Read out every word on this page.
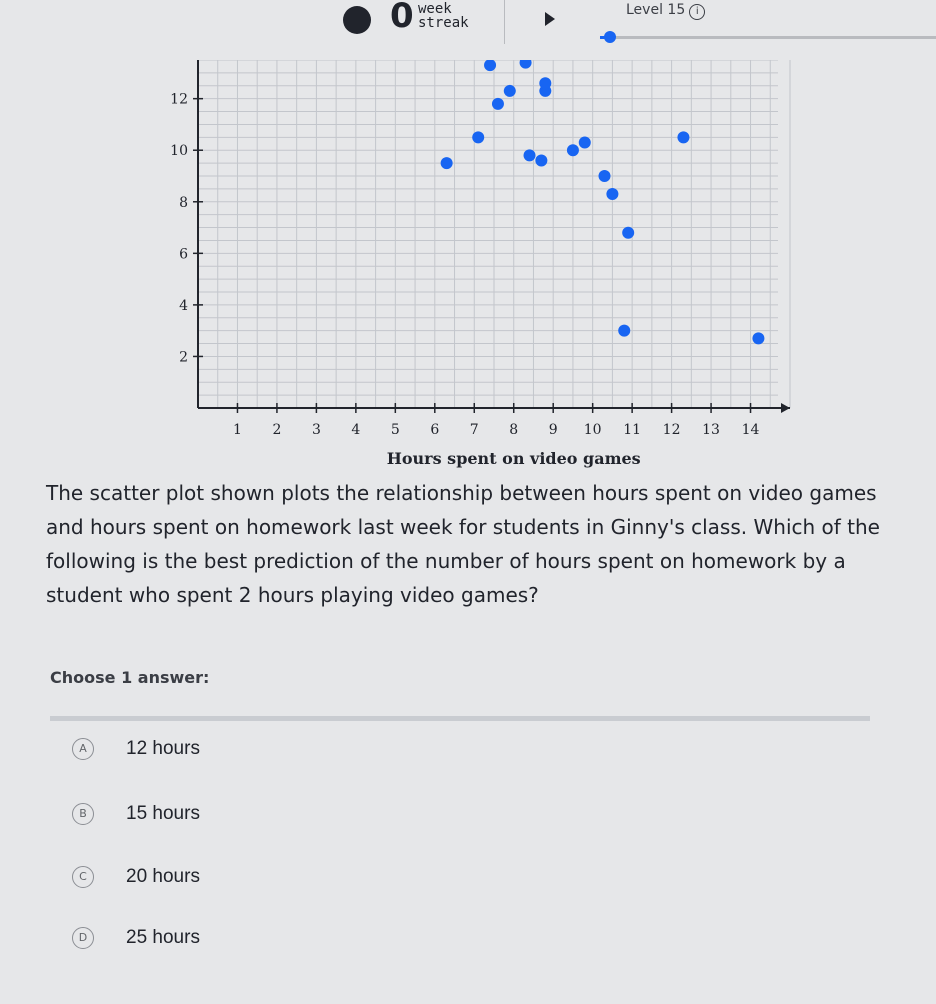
0 week
streak
Level 15 i
1 2 3 4 5 6 7 8 9 10 11 12 13 14
2
4
6
8
10
12
Hours spent on video games
The scatter plot shown plots the relationship between hours spent on video games and hours spent on homework last week for students in Ginny's class. Which of the following is the best prediction of the number of hours spent on homework by a student who spent 2 hours playing video games?
Choose 1 answer:
A	12 hours
B	15 hours
C	20 hours
D	25 hours
